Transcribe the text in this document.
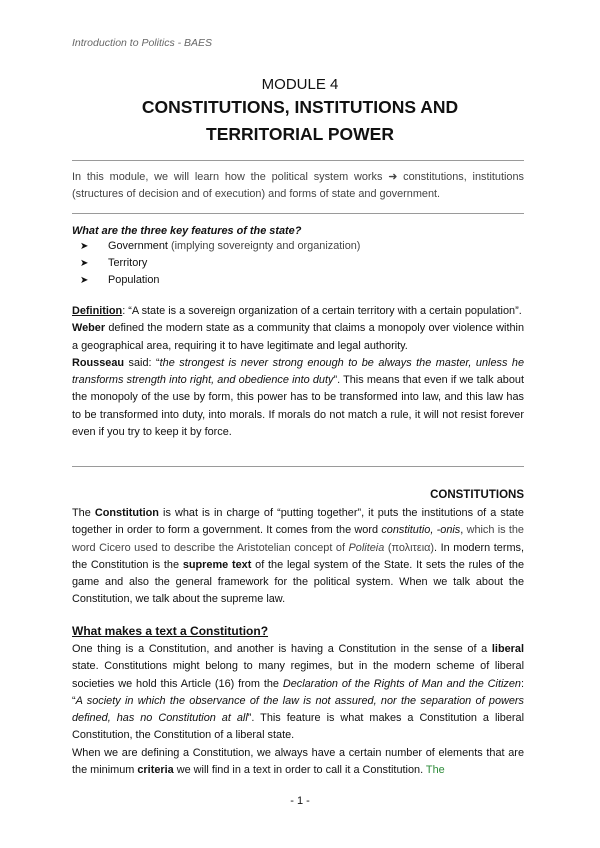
Introduction to Politics - BAES
MODULE 4
CONSTITUTIONS, INSTITUTIONS AND
TERRITORIAL POWER
In this module, we will learn how the political system works ➜ constitutions, institutions (structures of decision and of execution) and forms of state and government.
What are the three key features of the state?
➤	Government (implying sovereignty and organization)
➤	Territory
➤	Population

Definition: “A state is a sovereign organization of a certain territory with a certain population”.

Weber defined the modern state as a community that claims a monopoly over violence within a geographical area, requiring it to have legitimate and legal authority.

Rousseau said: “the strongest is never strong enough to be always the master, unless he transforms strength into right, and obedience into duty”. This means that even if we talk about the monopoly of the use by form, this power has to be transformed into law, and this law has to be transformed into duty, into morals. If morals do not match a rule, it will not resist forever even if you try to keep it by force.

CONSTITUTIONS
The Constitution is what is in charge of “putting together”, it puts the institutions of a state together in order to form a government. It comes from the word constitutio, -onis, which is the word Cicero used to describe the Aristotelian concept of Politeia (πολιτεια). In modern terms, the Constitution is the supreme text of the legal system of the State. It sets the rules of the game and also the general framework for the political system. When we talk about the Constitution, we talk about the supreme law.
What makes a text a Constitution?

One thing is a Constitution, and another is having a Constitution in the sense of a liberal state. Constitutions might belong to many regimes, but in the modern scheme of liberal societies we hold this Article (16) from the Declaration of the Rights of Man and the Citizen: “A society in which the observance of the law is not assured, nor the separation of powers defined, has no Constitution at all”. This feature is what makes a Constitution a liberal Constitution, the Constitution of a liberal state.

When we are defining a Constitution, we always have a certain number of elements that are the minimum criteria we will find in a text in order to call it a Constitution. The

- 1 -
